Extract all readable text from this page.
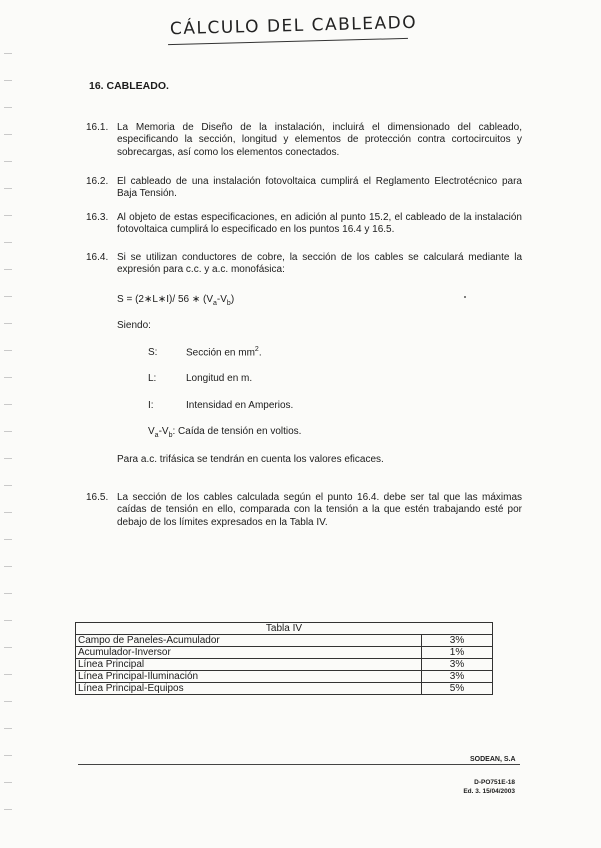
CÁLCULO DEL CABLEADO
16. CABLEADO.
16.1. La Memoria de Diseño de la instalación, incluirá el dimensionado del cableado, especificando la sección, longitud y elementos de protección contra cortocircuitos y sobrecargas, así como los elementos conectados.
16.2. El cableado de una instalación fotovoltaica cumplirá el Reglamento Electrotécnico para Baja Tensión.
16.3. Al objeto de estas especificaciones, en adición al punto 15.2, el cableado de la instalación fotovoltaica cumplirá lo especificado en los puntos 16.4 y 16.5.
16.4. Si se utilizan conductores de cobre, la sección de los cables se calculará mediante la expresión para c.c. y a.c. monofásica:
S = (2∗L∗I)/ 56 ∗ $(V_a-V_b)$
Siendo:
S:	Sección en $mm^2$.
L:	Longitud en m.
I:	Intensidad en Amperios.
$V_a-V_b$: Caída de tensión en voltios.
Para a.c. trifásica se tendrán en cuenta los valores eficaces.
16.5. La sección de los cables calculada según el punto 16.4. debe ser tal que las máximas caídas de tensión en ello, comparada con la tensión a la que estén trabajando esté por debajo de los límites expresados en la Tabla IV.
Tabla IV	
Campo de Paneles-Acumulador	3%
Acumulador-Inversor	1%
Línea Principal	3%
Línea Principal-Iluminación	3%
Línea Principal-Equipos	5%
SODEAN, S.A
D-PO751E-18
Ed. 3. 15/04/2003
